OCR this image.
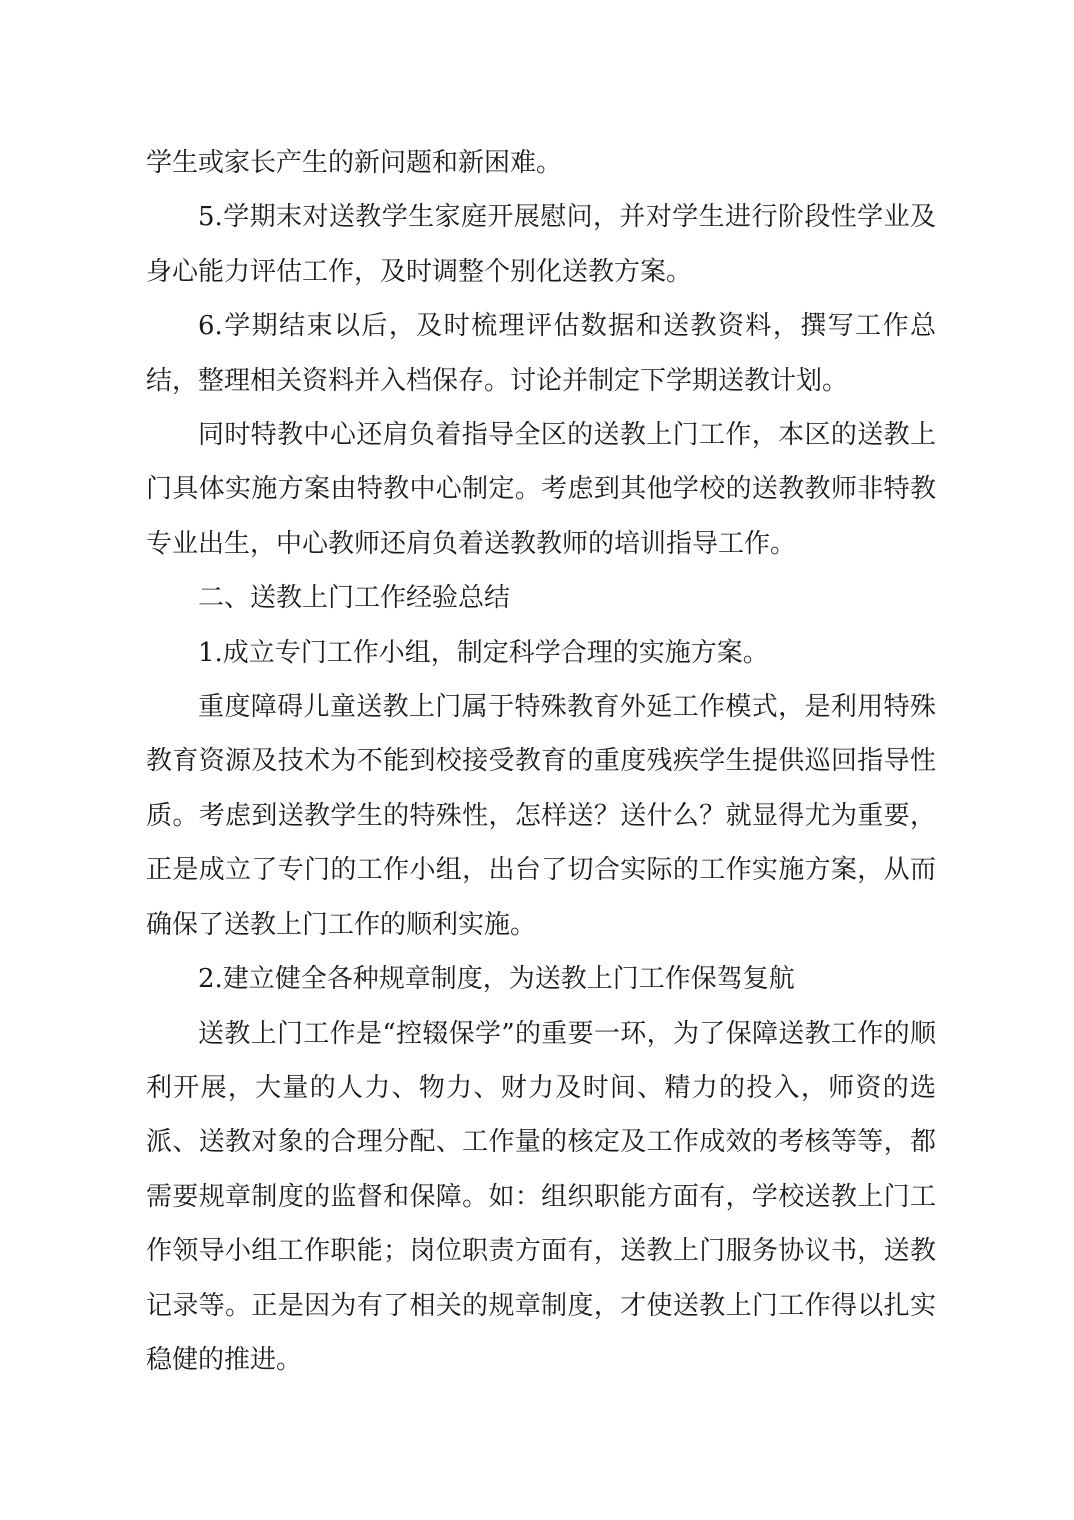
学生或家长产生的新问题和新困难。

5.学期末对送教学生家庭开展慰问，并对学生进行阶段性学业及身心能力评估工作，及时调整个别化送教方案。

6.学期结束以后，及时梳理评估数据和送教资料，撰写工作总结，整理相关资料并入档保存。讨论并制定下学期送教计划。

同时特教中心还肩负着指导全区的送教上门工作，本区的送教上门具体实施方案由特教中心制定。考虑到其他学校的送教教师非特教专业出生，中心教师还肩负着送教教师的培训指导工作。

二、送教上门工作经验总结

1.成立专门工作小组，制定科学合理的实施方案。

重度障碍儿童送教上门属于特殊教育外延工作模式，是利用特殊教育资源及技术为不能到校接受教育的重度残疾学生提供巡回指导性质。考虑到送教学生的特殊性，怎样送？送什么？就显得尤为重要，正是成立了专门的工作小组，出台了切合实际的工作实施方案，从而确保了送教上门工作的顺利实施。

2.建立健全各种规章制度，为送教上门工作保驾复航

送教上门工作是“控辍保学”的重要一环，为了保障送教工作的顺利开展，大量的人力、物力、财力及时间、精力的投入，师资的选派、送教对象的合理分配、工作量的核定及工作成效的考核等等，都需要规章制度的监督和保障。如：组织职能方面有，学校送教上门工作领导小组工作职能；岗位职责方面有，送教上门服务协议书，送教记录等。正是因为有了相关的规章制度，才使送教上门工作得以扎实稳健的推进。
